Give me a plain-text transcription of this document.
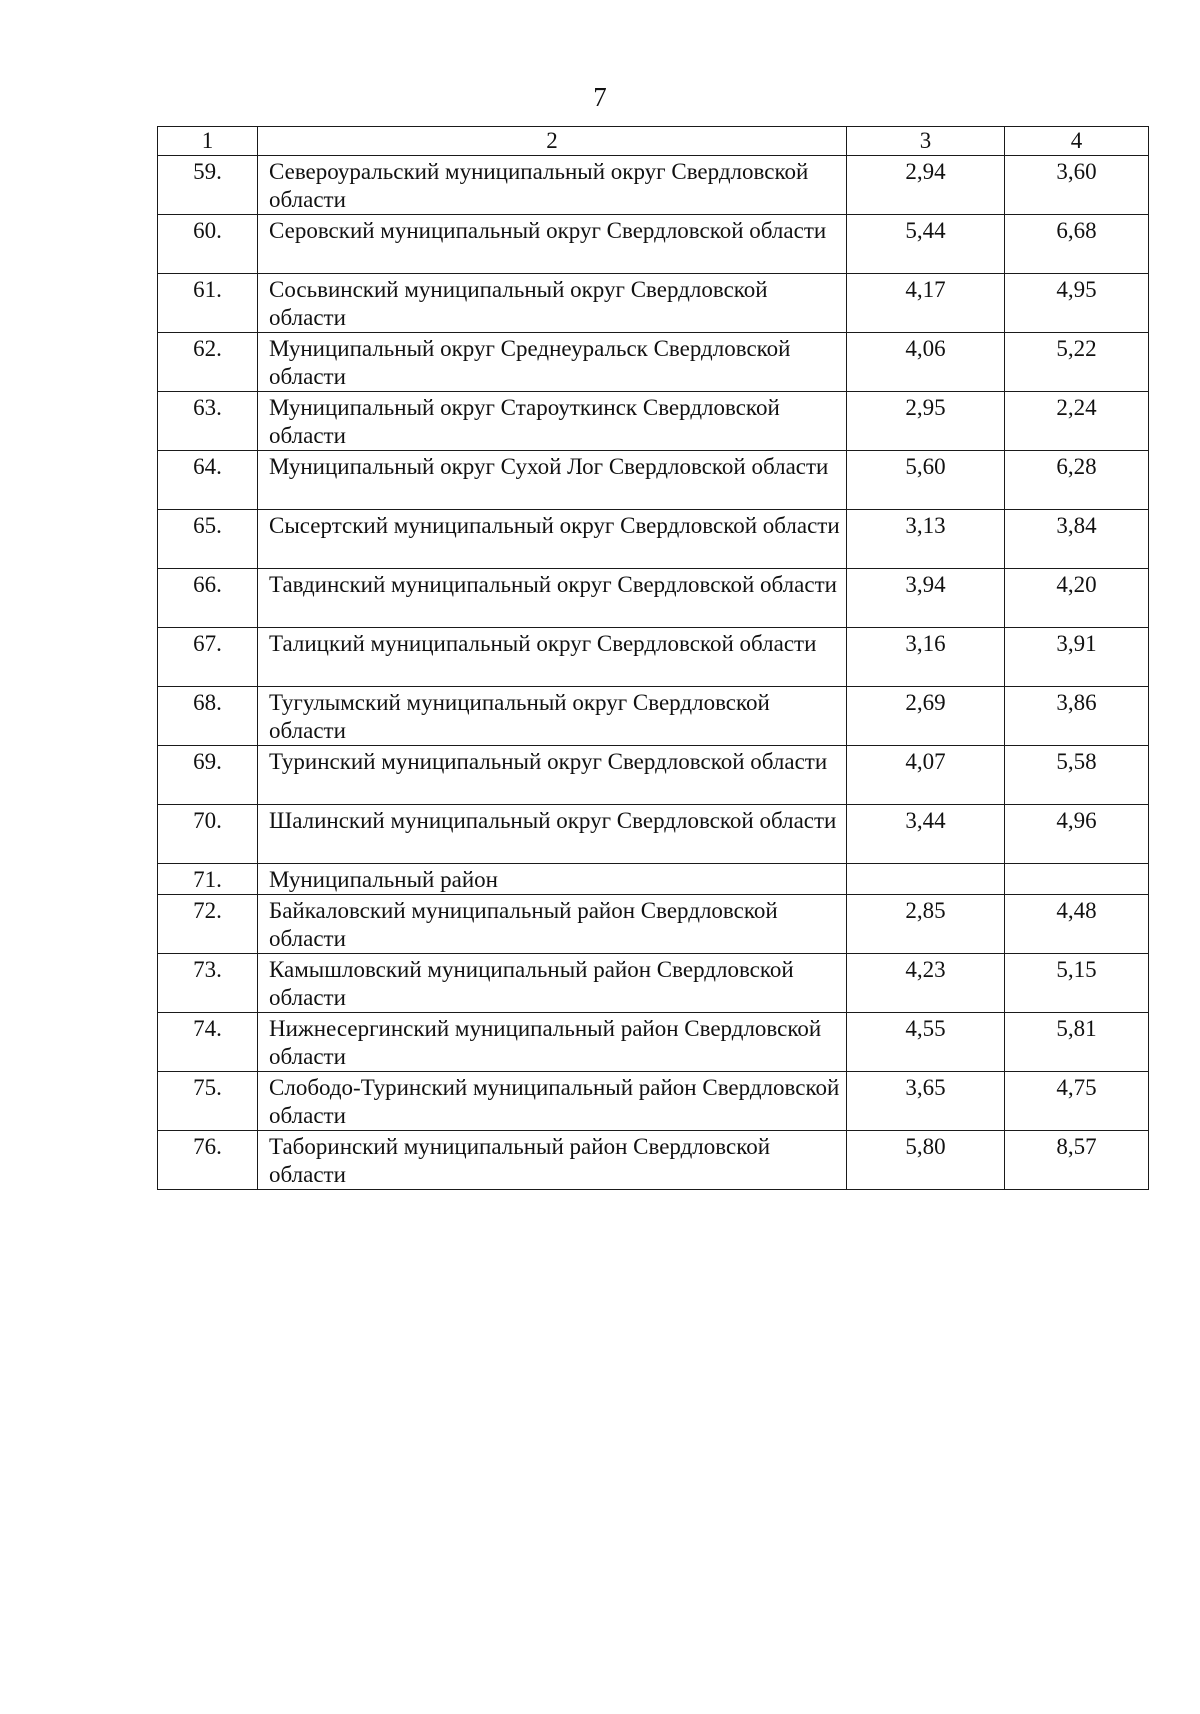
7
1	2	3	4
59.	Североуральский муниципальный округ Свердловской области	2,94	3,60
60.	Серовский муниципальный округ Свердловской области	5,44	6,68
61.	Сосьвинский муниципальный округ Свердловской области	4,17	4,95
62.	Муниципальный округ Среднеуральск Свердловской области	4,06	5,22
63.	Муниципальный округ Староуткинск Свердловской области	2,95	2,24
64.	Муниципальный округ Сухой Лог Свердловской области	5,60	6,28
65.	Сысертский муниципальный округ Свердловской области	3,13	3,84
66.	Тавдинский муниципальный округ Свердловской области	3,94	4,20
67.	Талицкий муниципальный округ Свердловской области	3,16	3,91
68.	Тугулымский муниципальный округ Свердловской области	2,69	3,86
69.	Туринский муниципальный округ Свердловской области	4,07	5,58
70.	Шалинский муниципальный округ Свердловской области	3,44	4,96
71.	Муниципальный район		
72.	Байкаловский муниципальный район Свердловской области	2,85	4,48
73.	Камышловский муниципальный район Свердловской области	4,23	5,15
74.	Нижнесергинский муниципальный район Свердловской области	4,55	5,81
75.	Слободо-Туринский муниципальный район Свердловской области	3,65	4,75
76.	Таборинский муниципальный район Свердловской области	5,80	8,57
